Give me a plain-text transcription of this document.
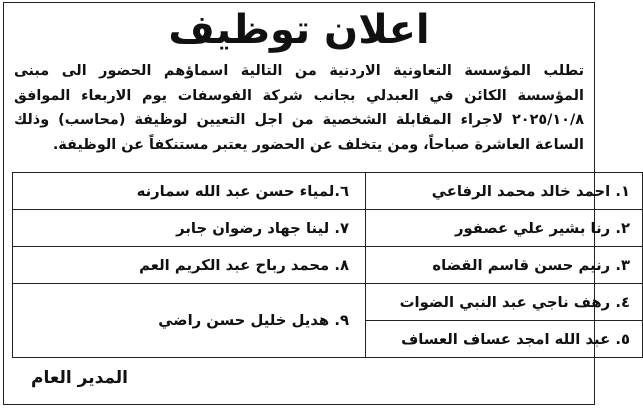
اعلان توظيف
تطلب المؤسسة التعاونية الاردنية من التالية اسماؤهم الحضور الى مبنى المؤسسة الكائن في العبدلي بجانب شركة الفوسفات يوم الاربعاء الموافق ٢٠٢٥/١٠/٨ لاجراء المقابلة الشخصية من اجل التعيين لوظيفة (محاسب) وذلك الساعة العاشرة صباحاً، ومن يتخلف عن الحضور يعتبر مستنكفاً عن الوظيفة.
١. احمد خالد محمد الرفاعي	٦.لمياء حسن عبد الله سمارنه
٢. رنا بشير علي عصفور	٧. لينا جهاد رضوان جابر
٣. رنيم حسن قاسم القضاه	٨. محمد رباح عبد الكريم العم
٤. رهف ناجي عبد النبي الضوات	٩. هديل خليل حسن راضي
٥. عبد الله امجد عساف العساف	
المدير العام
